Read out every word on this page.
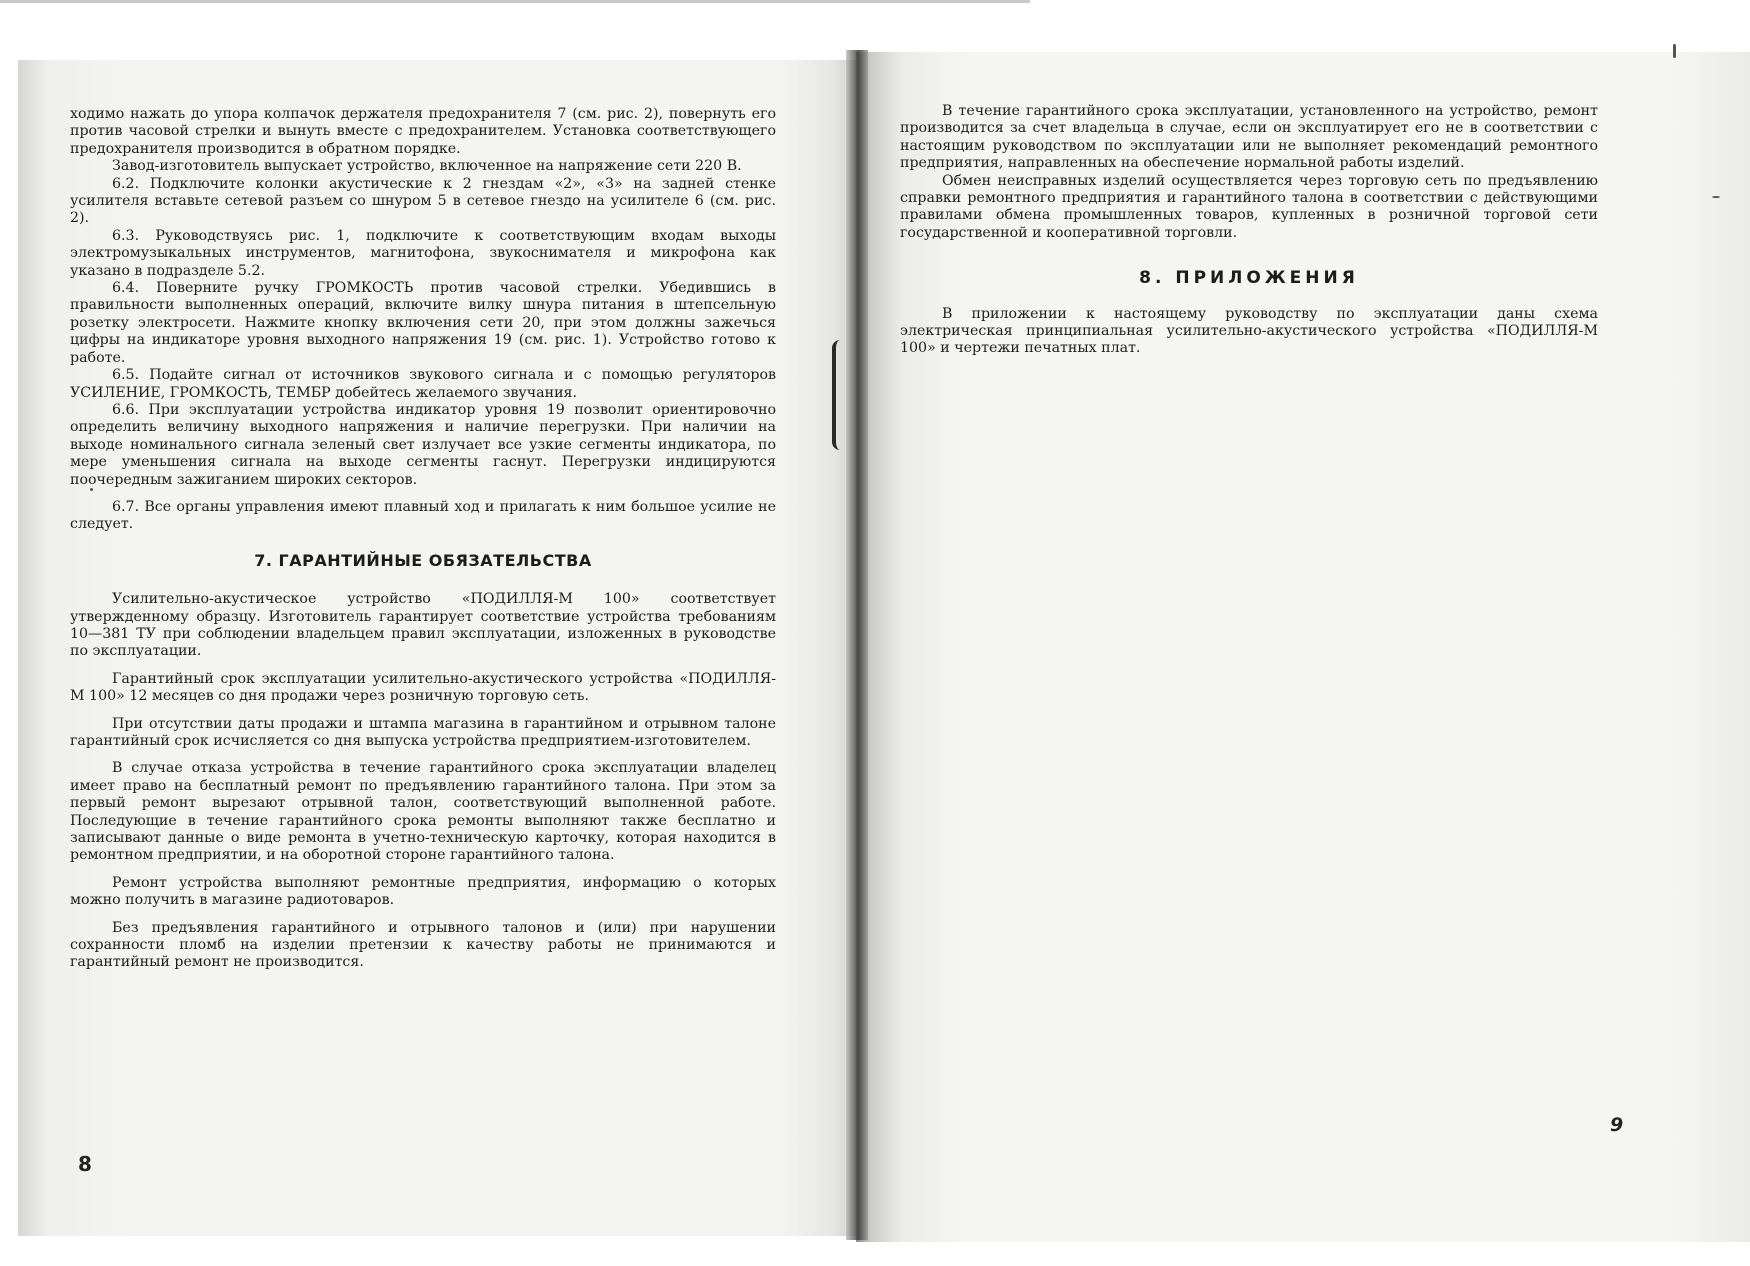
ходимо нажать до упора колпачок держателя предохранителя 7 (см. рис. 2), повернуть его против часовой стрелки и вынуть вместе с предохранителем. Установка соответствующего предохранителя производится в обратном порядке.

Завод-изготовитель выпускает устройство, включенное на напряжение сети 220 В.

6.2. Подключите колонки акустические к 2 гнездам «2», «3» на задней стенке усилителя вставьте сетевой разъем со шнуром 5 в сетевое гнездо на усилителе 6 (см. рис. 2).

6.3. Руководствуясь рис. 1, подключите к соответствующим входам выходы электромузыкальных инструментов, магнитофона, звукоснимателя и микрофона как указано в подразделе 5.2.

6.4. Поверните ручку ГРОМКОСТЬ против часовой стрелки. Убедившись в правильности выполненных операций, включите вилку шнура питания в штепсельную розетку электросети. Нажмите кнопку включения сети 20, при этом должны зажечься цифры на индикаторе уровня выходного напряжения 19 (см. рис. 1). Устройство готово к работе.

6.5. Подайте сигнал от источников звукового сигнала и с помощью регуляторов УСИЛЕНИЕ, ГРОМКОСТЬ, ТЕМБР добейтесь желаемого звучания.

6.6. При эксплуатации устройства индикатор уровня 19 позволит ориентировочно определить величину выходного напряжения и наличие перегрузки. При наличии на выходе номинального сигнала зеленый свет излучает все узкие сегменты индикатора, по мере уменьшения сигнала на выходе сегменты гаснут. Перегрузки индицируются поочередным зажиганием широких секторов.

6.7. Все органы управления имеют плавный ход и прилагать к ним большое усилие не следует.

7. ГАРАНТИЙНЫЕ ОБЯЗАТЕЛЬСТВА

Усилительно-акустическое устройство «ПОДИЛЛЯ-М 100» соответствует утвержденному образцу. Изготовитель гарантирует соответствие устройства требованиям 10—381 ТУ при соблюдении владельцем правил эксплуатации, изложенных в руководстве по эксплуатации.

Гарантийный срок эксплуатации усилительно-акустического устройства «ПОДИЛЛЯ-М 100» 12 месяцев со дня продажи через розничную торговую сеть.

При отсутствии даты продажи и штампа магазина в гарантийном и отрывном талоне гарантийный срок исчисляется со дня выпуска устройства предприятием-изготовителем.

В случае отказа устройства в течение гарантийного срока эксплуатации владелец имеет право на бесплатный ремонт по предъявлению гарантийного талона. При этом за первый ремонт вырезают отрывной талон, соответствующий выполненной работе. Последующие в течение гарантийного срока ремонты выполняют также бесплатно и записывают данные о виде ремонта в учетно-техническую карточку, которая находится в ремонтном предприятии, и на оборотной стороне гарантийного талона.

Ремонт устройства выполняют ремонтные предприятия, информацию о которых можно получить в магазине радиотоваров.

Без предъявления гарантийного и отрывного талонов и (или) при нарушении сохранности пломб на изделии претензии к качеству работы не принимаются и гарантийный ремонт не производится.

8

В течение гарантийного срока эксплуатации, установленного на устройство, ремонт производится за счет владельца в случае, если он эксплуатирует его не в соответствии с настоящим руководством по эксплуатации или не выполняет рекомендаций ремонтного предприятия, направленных на обеспечение нормальной работы изделий.

Обмен неисправных изделий осуществляется через торговую сеть по предъявлению справки ремонтного предприятия и гарантийного талона в соответствии с действующими правилами обмена промышленных товаров, купленных в розничной торговой сети государственной и кооперативной торговли.

8. ПРИЛОЖЕНИЯ

В приложении к настоящему руководству по эксплуатации даны схема электрическая принципиальная усилительно-акустического устройства «ПОДИЛЛЯ-М 100» и чертежи печатных плат.

9
